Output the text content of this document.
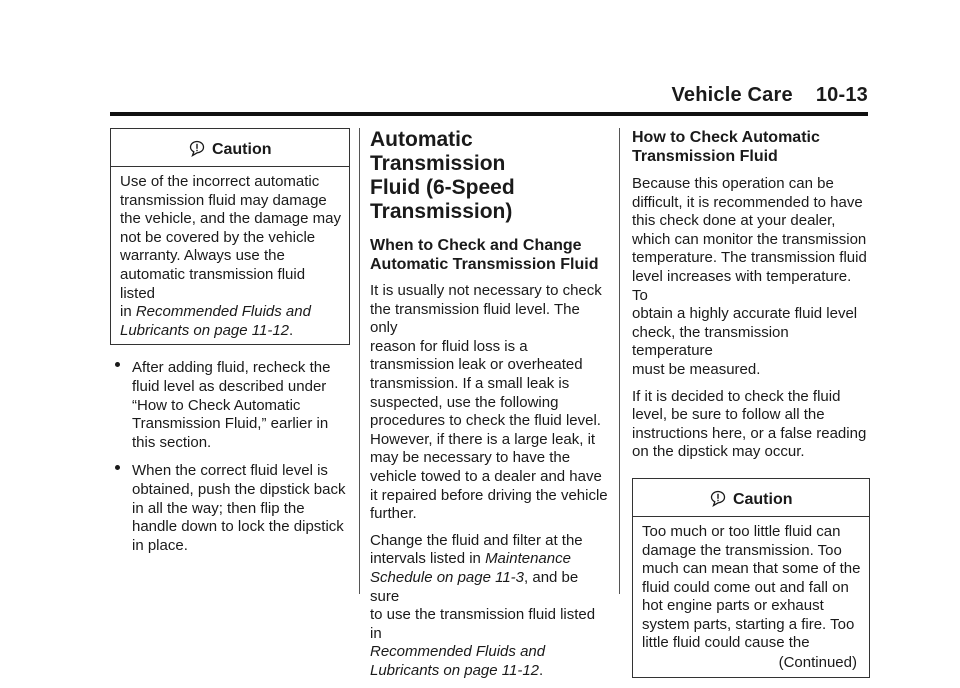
Vehicle Care 10-13
Caution
Use of the incorrect automatic
transmission fluid may damage
the vehicle, and the damage may
not be covered by the vehicle
warranty. Always use the
automatic transmission fluid listed
in Recommended Fluids and
Lubricants on page 11‑12.
After adding fluid, recheck the
fluid level as described under
“How to Check Automatic
Transmission Fluid,” earlier in
this section.
When the correct fluid level is
obtained, push the dipstick back
in all the way; then flip the
handle down to lock the dipstick
in place.
Automatic Transmission
Fluid (6‑Speed
Transmission)
When to Check and Change
Automatic Transmission Fluid

It is usually not necessary to check
the transmission fluid level. The only
reason for fluid loss is a
transmission leak or overheated
transmission. If a small leak is
suspected, use the following
procedures to check the fluid level.
However, if there is a large leak, it
may be necessary to have the
vehicle towed to a dealer and have
it repaired before driving the vehicle
further.

Change the fluid and filter at the
intervals listed in Maintenance
Schedule on page 11‑3, and be sure
to use the transmission fluid listed in
Recommended Fluids and
Lubricants on page 11‑12.

How to Check Automatic
Transmission Fluid

Because this operation can be
difficult, it is recommended to have
this check done at your dealer,
which can monitor the transmission
temperature. The transmission fluid
level increases with temperature. To
obtain a highly accurate fluid level
check, the transmission temperature
must be measured.

If it is decided to check the fluid
level, be sure to follow all the
instructions here, or a false reading
on the dipstick may occur.

Caution
Too much or too little fluid can
damage the transmission. Too
much can mean that some of the
fluid could come out and fall on
hot engine parts or exhaust
system parts, starting a fire. Too
little fluid could cause the
(Continued)
